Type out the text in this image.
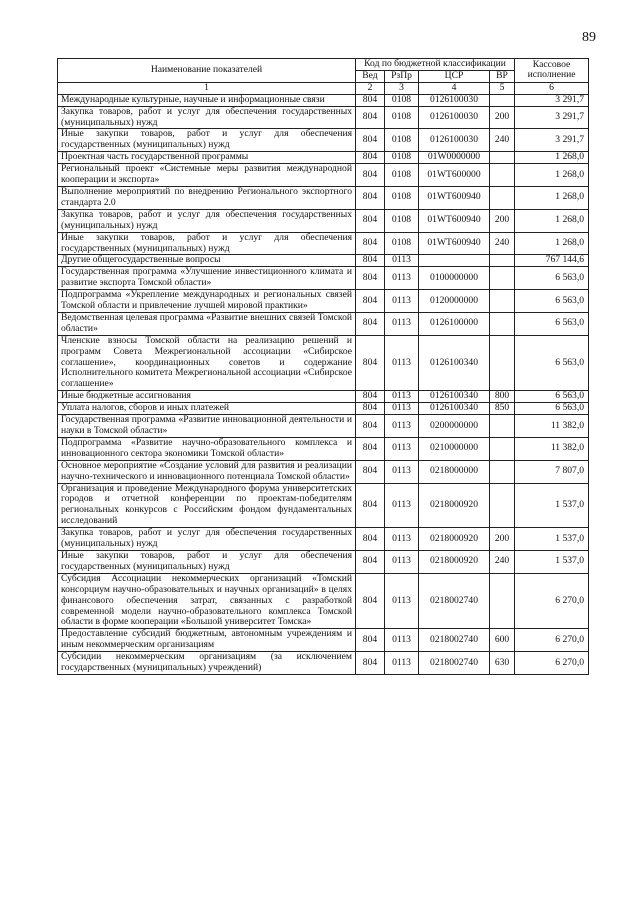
89
Наименование показателей	Код по бюджетной классификации				Кассовое исполнение
	Вед	РзПр	ЦСР	ВР	
1	2	3	4	5	6
Международные культурные, научные и информационные связи	804	0108	0126100030		3 291,7
Закупка товаров, работ и услуг для обеспечения государственных (муниципальных) нужд	804	0108	0126100030	200	3 291,7
Иные закупки товаров, работ и услуг для обеспечения государственных (муниципальных) нужд	804	0108	0126100030	240	3 291,7
Проектная часть государственной программы	804	0108	01W0000000		1 268,0
Региональный проект «Системные меры развития международной кооперации и экспорта»	804	0108	01WT600000		1 268,0
Выполнение мероприятий по внедрению Регионального экспортного стандарта 2.0	804	0108	01WT600940		1 268,0
Закупка товаров, работ и услуг для обеспечения государственных (муниципальных) нужд	804	0108	01WT600940	200	1 268,0
Иные закупки товаров, работ и услуг для обеспечения государственных (муниципальных) нужд	804	0108	01WT600940	240	1 268,0
Другие общегосударственные вопросы	804	0113			767 144,6
Государственная программа «Улучшение инвестиционного климата и развитие экспорта Томской области»	804	0113	0100000000		6 563,0
Подпрограмма «Укрепление международных и региональных связей Томской области и привлечение лучшей мировой практики»	804	0113	0120000000		6 563,0
Ведомственная целевая программа «Развитие внешних связей Томской области»	804	0113	0126100000		6 563,0
Членские взносы Томской области на реализацию решений и программ Совета Межрегиональной ассоциации «Сибирское соглашение», координационных советов и содержание Исполнительного комитета Межрегиональной ассоциации «Сибирское соглашение»	804	0113	0126100340		6 563,0
Иные бюджетные ассигнования	804	0113	0126100340	800	6 563,0
Уплата налогов, сборов и иных платежей	804	0113	0126100340	850	6 563,0
Государственная программа «Развитие инновационной деятельности и науки в Томской области»	804	0113	0200000000		11 382,0
Подпрограмма «Развитие научно-образовательного комплекса и инновационного сектора экономики Томской области»	804	0113	0210000000		11 382,0
Основное мероприятие «Создание условий для развития и реализации научно-технического и инновационного потенциала Томской области»	804	0113	0218000000		7 807,0
Организация и проведение Международного форума университетских городов и отчетной конференции по проектам-победителям региональных конкурсов с Российским фондом фундаментальных исследований	804	0113	0218000920		1 537,0
Закупка товаров, работ и услуг для обеспечения государственных (муниципальных) нужд	804	0113	0218000920	200	1 537,0
Иные закупки товаров, работ и услуг для обеспечения государственных (муниципальных) нужд	804	0113	0218000920	240	1 537,0
Субсидия Ассоциации некоммерческих организаций «Томский консорциум научно-образовательных и научных организаций» в целях финансового обеспечения затрат, связанных с разработкой современной модели научно-образовательного комплекса Томской области в форме кооперации «Большой университет Томска»	804	0113	0218002740		6 270,0
Предоставление субсидий бюджетным, автономным учреждениям и иным некоммерческим организациям	804	0113	0218002740	600	6 270,0
Субсидии некоммерческим организациям (за исключением государственных (муниципальных) учреждений)	804	0113	0218002740	630	6 270,0
